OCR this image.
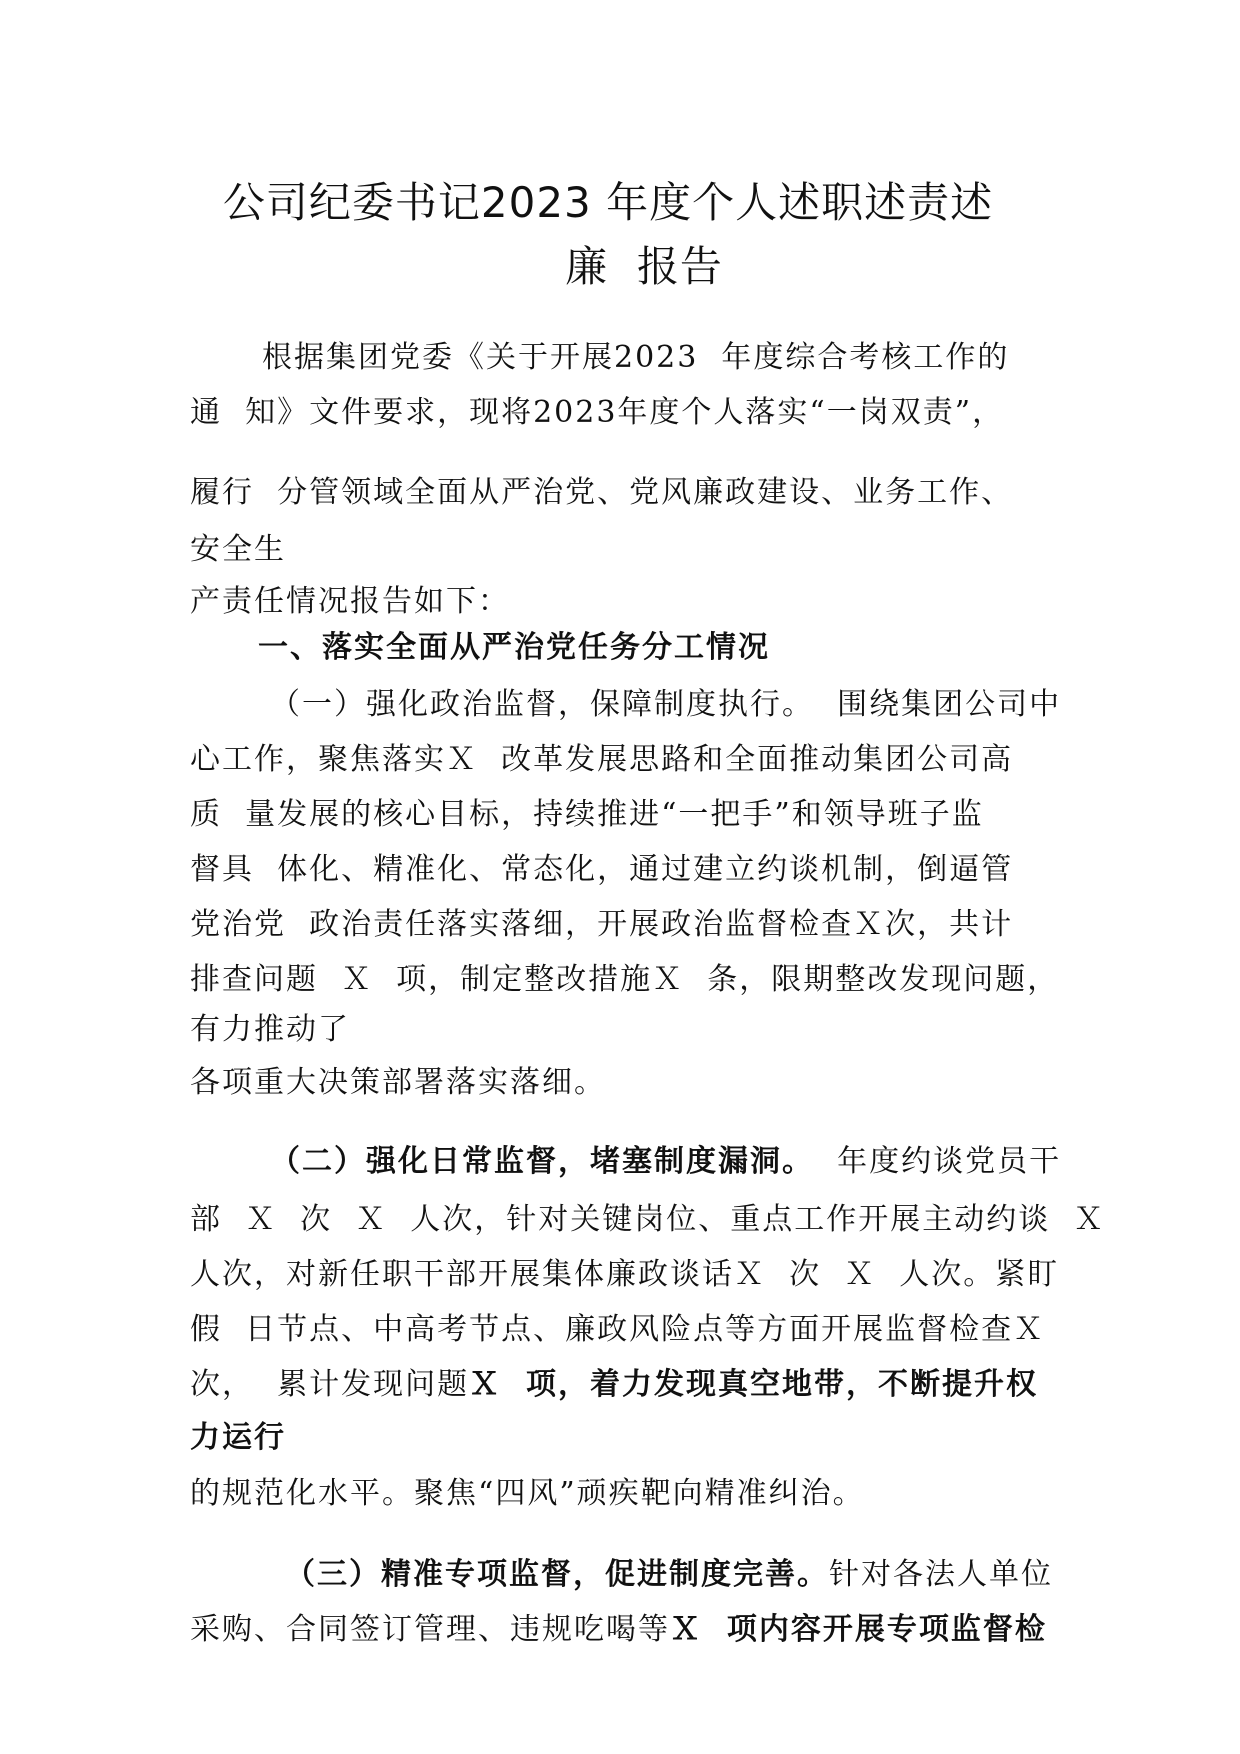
公司纪委书记2023 年度个人述职述责述
廉  报告
根据集团党委《关于开展2023  年度综合考核工作的
通  知》文件要求，现将2023年度个人落实“一岗双责”，
履行  分管领域全面从严治党、党风廉政建设、业务工作、
安全生
产责任情况报告如下：
一、落实全面从严治党任务分工情况
（一）强化政治监督，保障制度执行。  围绕集团公司中
心工作，聚焦落实Ｘ  改革发展思路和全面推动集团公司高
质  量发展的核心目标，持续推进“一把手”和领导班子监
督具  体化、精准化、常态化，通过建立约谈机制，倒逼管
党治党  政治责任落实落细，开展政治监督检查Ｘ次，共计
排查问题  Ｘ  项，制定整改措施Ｘ  条，限期整改发现问题，
有力推动了
各项重大决策部署落实落细。
（二）强化日常监督，堵塞制度漏洞。  年度约谈党员干
部  Ｘ  次  Ｘ  人次，针对关键岗位、重点工作开展主动约谈  Ｘ
人次，对新任职干部开展集体廉政谈话Ｘ  次  Ｘ  人次。紧盯
假  日节点、中高考节点、廉政风险点等方面开展监督检查Ｘ
次，  累计发现问题Ｘ  项，着力发现真空地带，不断提升权
力运行
的规范化水平。聚焦“四风”顽疾靶向精准纠治。
（三）精准专项监督，促进制度完善。针对各法人单位
采购、合同签订管理、违规吃喝等Ｘ  项内容开展专项监督检
